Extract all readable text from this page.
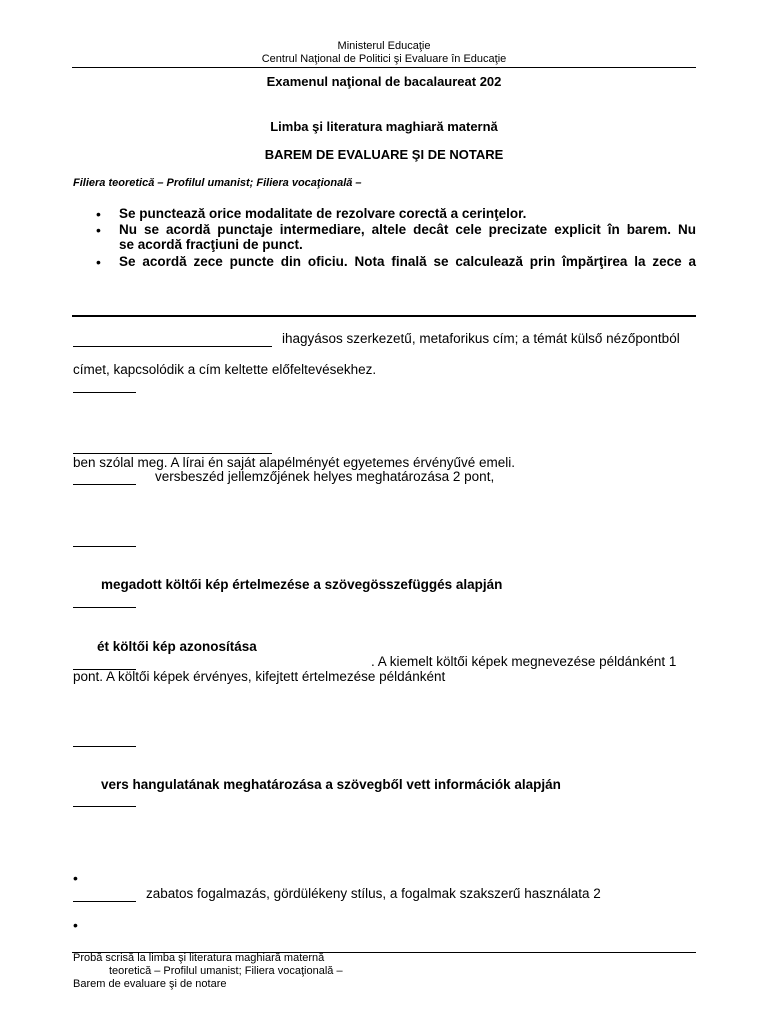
Ministerul Educaţie
Centrul Naţional de Politici şi Evaluare în Educaţie
Examenul naţional de bacalaureat 202
Limba şi literatura maghiară maternă
BAREM DE EVALUARE ŞI DE NOTARE
Filiera teoretică – Profilul umanist; Filiera vocaţională –
• Se punctează orice modalitate de rezolvare corectă a cerinţelor.
• Nu se acordă punctaje intermediare, altele decât cele precizate explicit în barem. Nu
se acordă fracţiuni de punct.
• Se acordă zece puncte din oficiu. Nota finală se calculează prin împărţirea la zece a
ihagyásos szerkezetű, metaforikus cím; a témát külső nézőpontból
címet, kapcsolódik a cím keltette előfeltevésekhez.
ben szólal meg. A lírai én saját alapélményét egyetemes érvényűvé emeli.
versbeszéd jellemzőjének helyes meghatározása 2 pont,
megadott költői kép értelmezése a szövegösszefüggés alapján
ét költői kép azonosítása
. A kiemelt költői képek megnevezése példánként 1
pont. A költői képek érvényes, kifejtett értelmezése példánként
vers hangulatának meghatározása a szövegből vett információk alapján
•
zabatos fogalmazás, gördülékeny stílus, a fogalmak szakszerű használata 2
•
Probă scrisă la limba şi literatura maghiară maternă
teoretică – Profilul umanist; Filiera vocaţională –
Barem de evaluare şi de notare
